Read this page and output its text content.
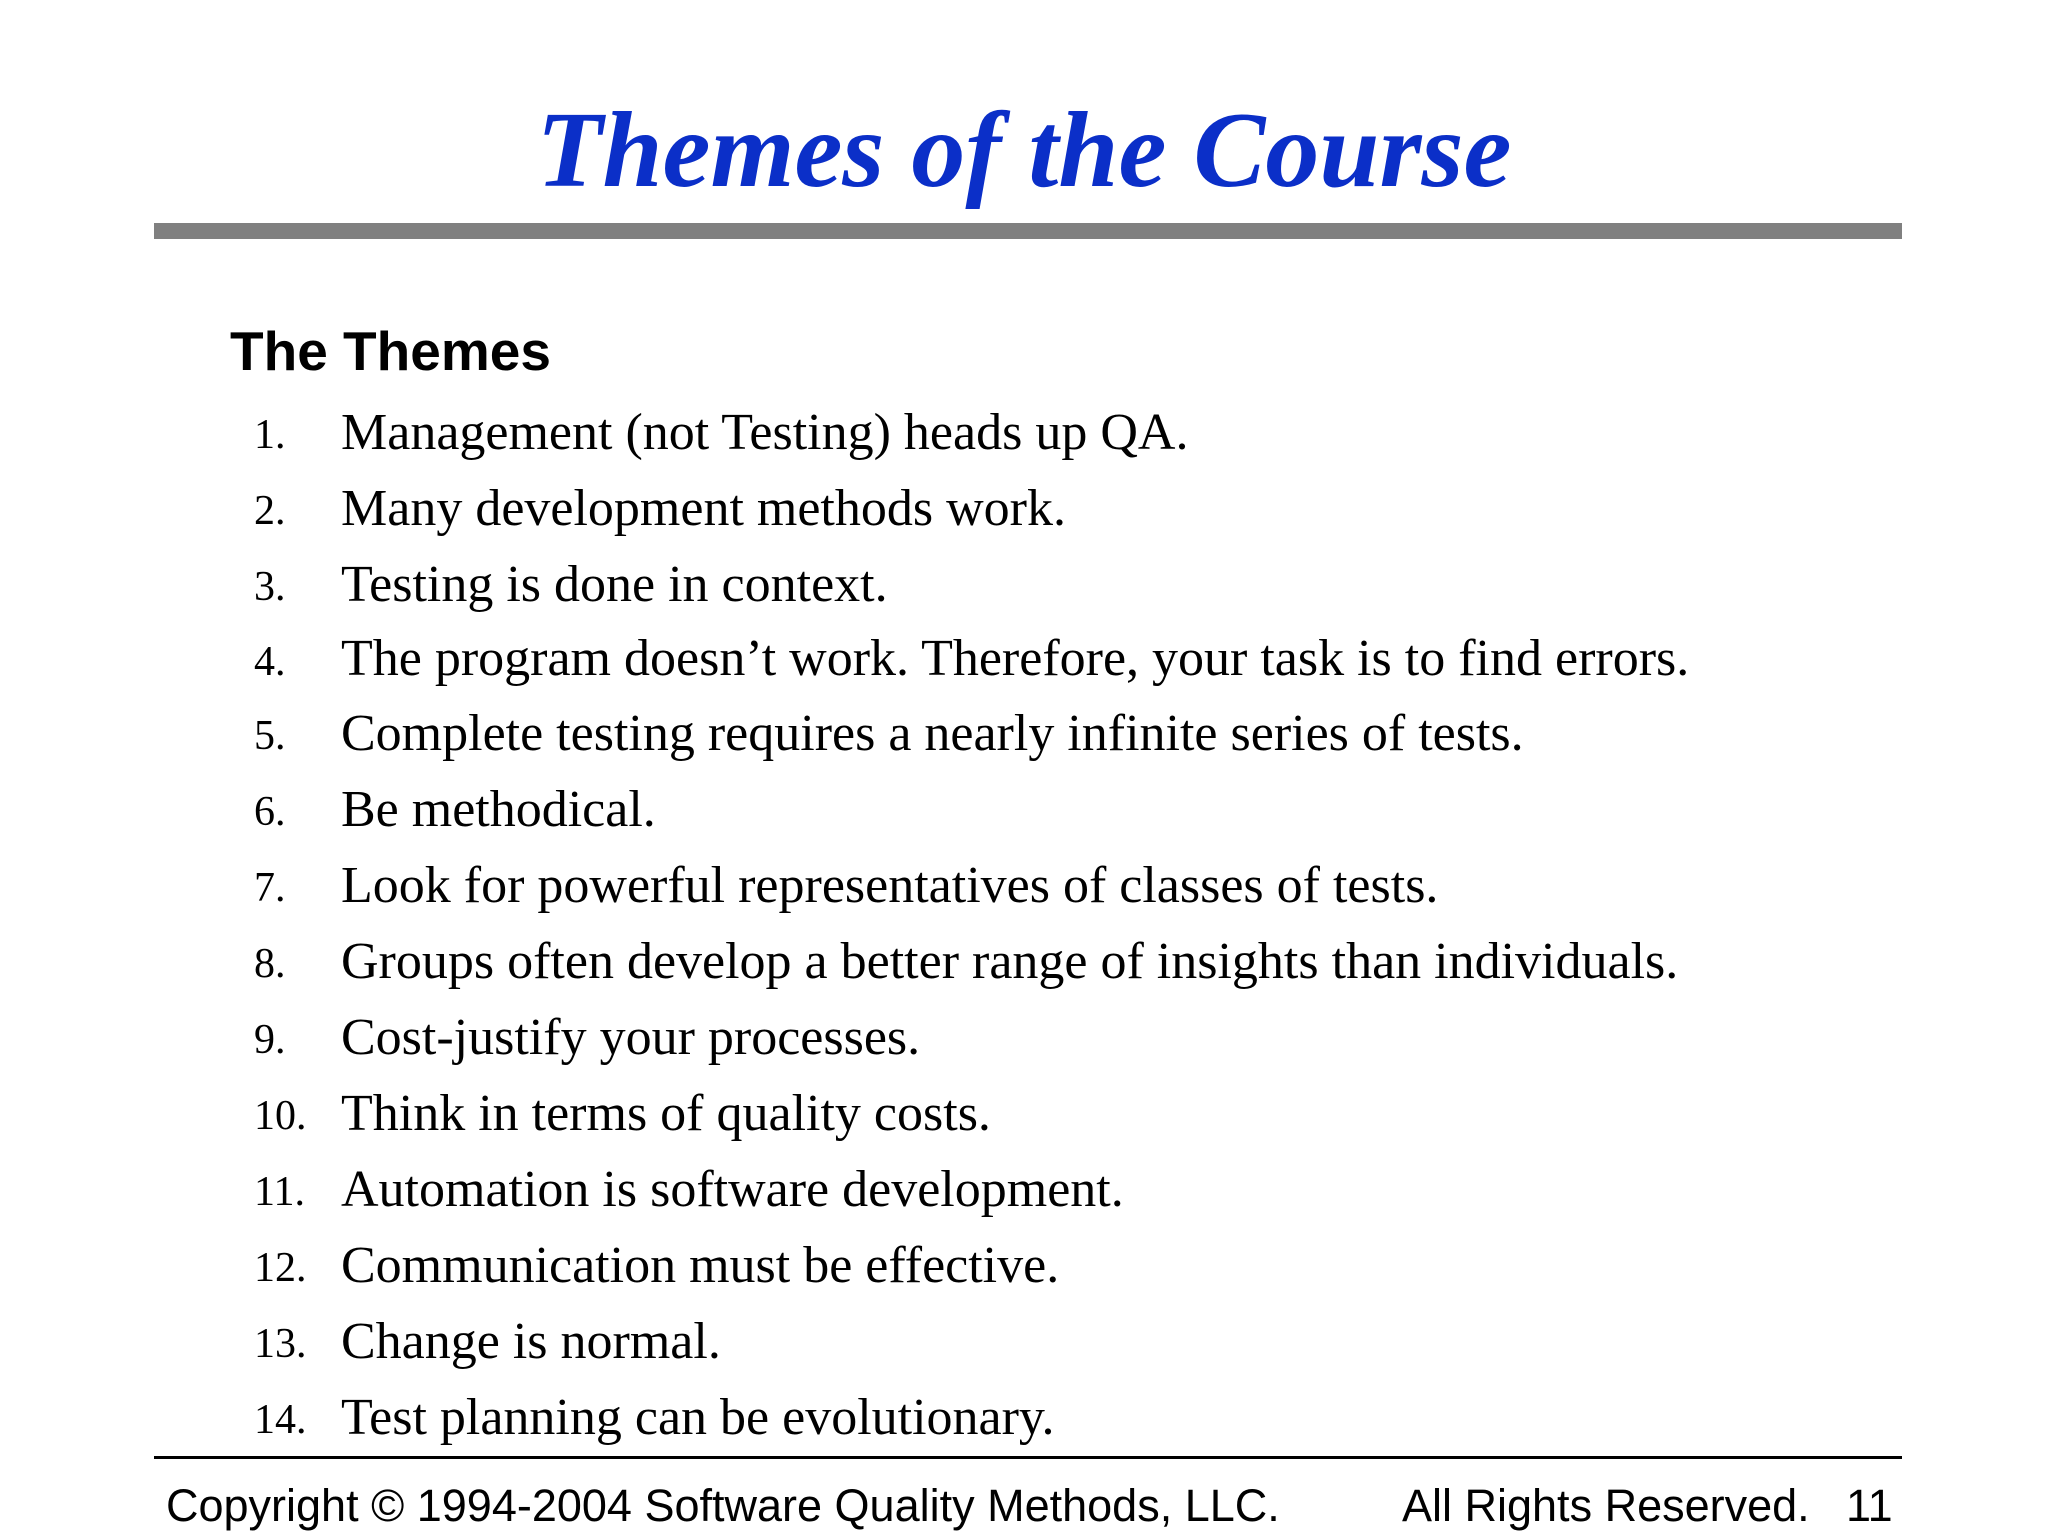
Themes of the Course
The Themes
1. Management (not Testing) heads up QA.
2. Many development methods work.
3. Testing is done in context.
4. The program doesn’t work. Therefore, your task is to find errors.
5. Complete testing requires a nearly infinite series of tests.
6. Be methodical.
7. Look for powerful representatives of classes of tests.
8. Groups often develop a better range of insights than individuals.
9. Cost-justify your processes.
10. Think in terms of quality costs.
11. Automation is software development.
12. Communication must be effective.
13. Change is normal.
14. Test planning can be evolutionary.
Copyright © 1994-2004 Software Quality Methods, LLC.	All Rights Reserved. 11
